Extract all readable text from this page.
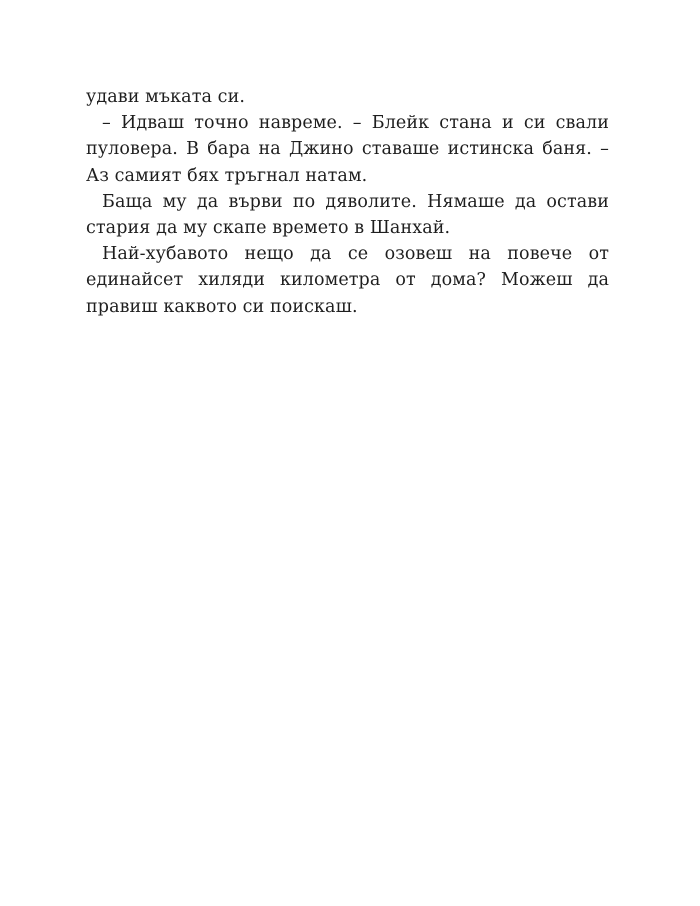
удави мъката си.

– Идваш точно навреме. – Блейк стана и си свали пуловера. В бара на Джино ставаше истинска баня. – Аз самият бях тръгнал натам.

Баща му да върви по дяволите. Нямаше да остави стария да му скапе времето в Шанхай.

Най-хубавото нещо да се озовеш на повече от единайсет хиляди километра от дома? Можеш да правиш каквото си поискаш.
